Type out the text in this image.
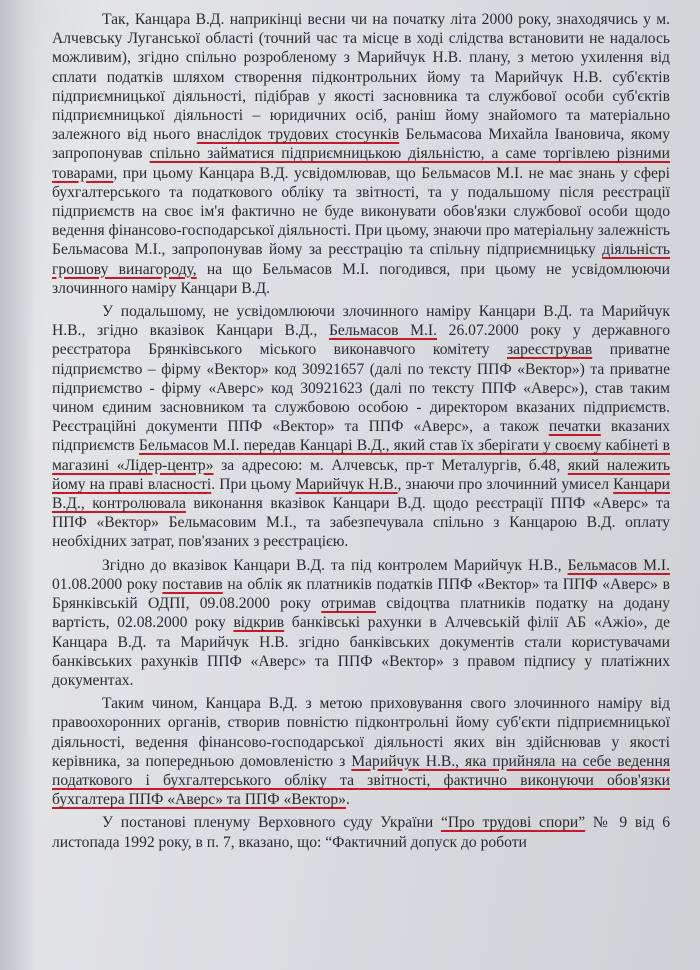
Так, Канцара В.Д. наприкінці весни чи на початку літа 2000 року, знаходячись у м. Алчевську Луганської області (точний час та місце в ході слідства встановити не надалось можливим), згідно спільно розробленому з Марийчук Н.В. плану, з метою ухилення від сплати податків шляхом створення підконтрольних йому та Марийчук Н.В. суб'єктів підприємницької діяльності, підібрав у якості засновника та службової особи суб'єктів підприємницької діяльності – юридичних осіб, раніш йому знайомого та матеріально залежного від нього внаслідок трудових стосунків Бельмасова Михайла Івановича, якому запропонував спільно займатися підприємницькою діяльністю, а саме торгівлею різними товарами, при цьому Канцара В.Д. усвідомлював, що Бельмасов М.І. не має знань у сфері бухгалтерського та податкового обліку та звітності, та у подальшому після реєстрації підприємств на своє ім'я фактично не буде виконувати обов'язки службової особи щодо ведення фінансово-господарської діяльності. При цьому, знаючи про матеріальну залежність Бельмасова М.І., запропонував йому за реєстрацію та спільну підприємницьку діяльність грошову винагороду, на що Бельмасов М.І. погодився, при цьому не усвідомлюючи злочинного наміру Канцари В.Д.

У подальшому, не усвідомлюючи злочинного наміру Канцари В.Д. та Марийчук Н.В., згідно вказівок Канцари В.Д., Бельмасов М.І. 26.07.2000 року у державного реєстратора Брянківського міського виконавчого комітету зареєстрував приватне підприємство – фірму «Вектор» код 30921657 (далі по тексту ППФ «Вектор») та приватне підприємство - фірму «Аверс» код 30921623 (далі по тексту ППФ «Аверс»), став таким чином єдиним засновником та службовою особою - директором вказаних підприємств. Реєстраційні документи ППФ «Вектор» та ППФ «Аверс», а також печатки вказаних підприємств Бельмасов М.І. передав Канцарі В.Д., який став їх зберігати у своєму кабінеті в магазині «Лідер-центр» за адресою: м. Алчевськ, пр-т Металургів, б.48, який належить йому на праві власності. При цьому Марийчук Н.В., знаючи про злочинний умисел Канцари В.Д., контролювала виконання вказівок Канцари В.Д. щодо реєстрації ППФ «Аверс» та ППФ «Вектор» Бельмасовим М.І., та забезпечувала спільно з Канцарою В.Д. оплату необхідних затрат, пов'язаних з реєстрацією.

Згідно до вказівок Канцари В.Д. та під контролем Марийчук Н.В., Бельмасов М.І. 01.08.2000 року поставив на облік як платників податків ППФ «Вектор» та ППФ «Аверс» в Брянківській ОДПІ, 09.08.2000 року отримав свідоцтва платників податку на додану вартість, 02.08.2000 року відкрив банківські рахунки в Алчевській філії АБ «Ажіо», де Канцара В.Д. та Марийчук Н.В. згідно банківських документів стали користувачами банківських рахунків ППФ «Аверс» та ППФ «Вектор» з правом підпису у платіжних документах.

Таким чином, Канцара В.Д. з метою приховування свого злочинного наміру від правоохоронних органів, створив повністю підконтрольні йому суб'єкти підприємницької діяльності, ведення фінансово-господарської діяльності яких він здійснював у якості керівника, за попередньою домовленістю з Марийчук Н.В., яка прийняла на себе ведення податкового і бухгалтерського обліку та звітності, фактично виконуючи обов'язки бухгалтера ППФ «Аверс» та ППФ «Вектор».

У постанові пленуму Верховного суду України “Про трудові спори” № 9 від 6 листопада 1992 року, в п. 7, вказано, що: “Фактичний допуск до роботи
